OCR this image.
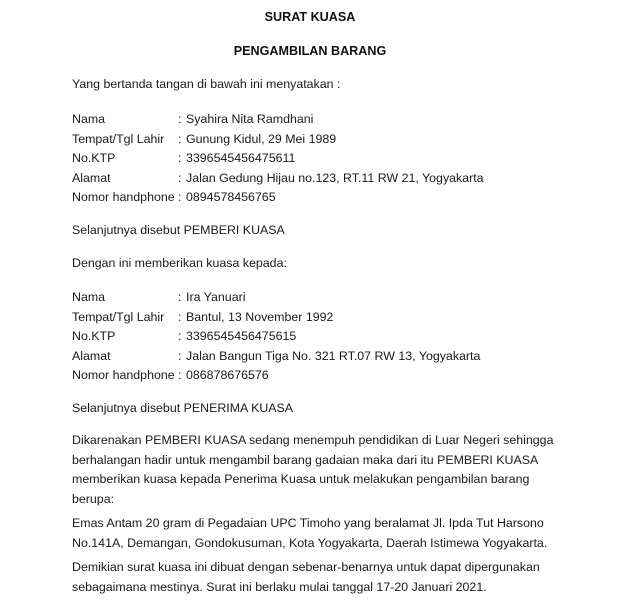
SURAT KUASA
PENGAMBILAN BARANG

Yang bertanda tangan di bawah ini menyatakan :

Nama	: Syahira Nita Ramdhani
Tempat/Tgl Lahir : Gunung Kidul, 29 Mei 1989
No.KTP	: 3396545456475611
Alamat	: Jalan Gedung Hijau no.123, RT.11 RW 21, Yogyakarta
Nomor handphone : 0894578456765

Selanjutnya disebut PEMBERI KUASA

Dengan ini memberikan kuasa kepada:

Nama	: Ira Yanuari
Tempat/Tgl Lahir : Bantul, 13 November 1992
No.KTP	: 3396545456475615
Alamat	: Jalan Bangun Tiga No. 321 RT.07 RW 13, Yogyakarta
Nomor handphone : 086878676576

Selanjutnya disebut PENERIMA KUASA

Dikarenakan PEMBERI KUASA sedang menempuh pendidikan di Luar Negeri sehingga berhalangan hadir untuk mengambil barang gadaian maka dari itu PEMBERI KUASA memberikan kuasa kepada Penerima Kuasa untuk melakukan pengambilan barang berupa:

Emas Antam 20 gram di Pegadaian UPC Timoho yang beralamat Jl. Ipda Tut Harsono No.141A, Demangan, Gondokusuman, Kota Yogyakarta, Daerah Istimewa Yogyakarta.

Demikian surat kuasa ini dibuat dengan sebenar-benarnya untuk dapat dipergunakan sebagaimana mestinya. Surat ini berlaku mulai tanggal 17-20 Januari 2021.
